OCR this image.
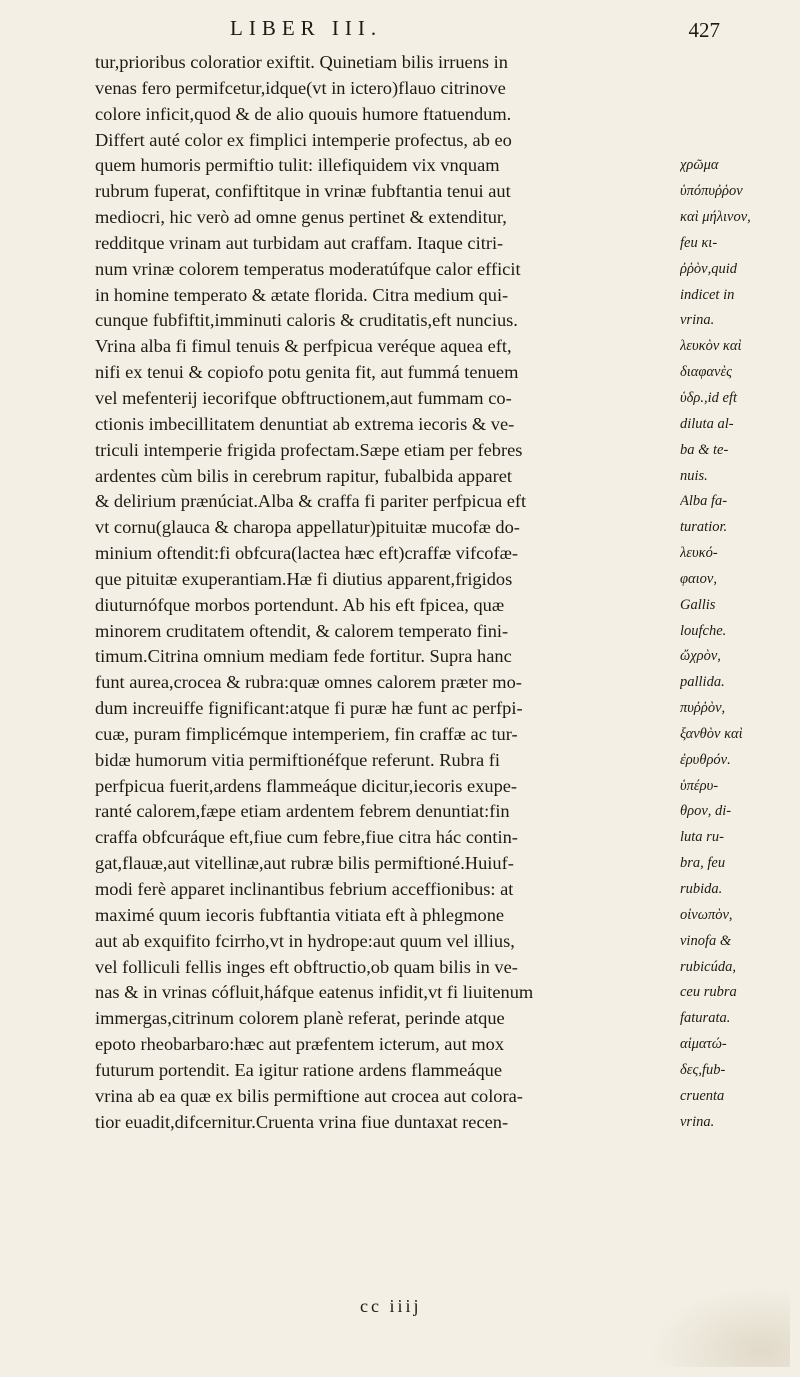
LIBER III.	427
tur,prioribus coloratior exiftit. Quinetiam bilis irruens in
venas fero permifcetur,idque(vt in ictero)flauo citrinove
colore inficit,quod & de alio quouis humore ftatuendum.
Differt auté color ex fimplici intemperie profectus, ab eo
quem humoris permiftio tulit: illefiquidem vix vnquam
rubrum fuperat, confiftitque in vrinæ fubftantia tenui aut
mediocri, hic verò ad omne genus pertinet & extenditur,
redditque vrinam aut turbidam aut craffam. Itaque citri-
num vrinæ colorem temperatus moderatúfque calor efficit
in homine temperato & ætate florida. Citra medium qui-
cunque fubfiftit,imminuti caloris & cruditatis,eft nuncius.
Vrina alba fi fimul tenuis & perfpicua veréque aquea eft,
nifi ex tenui & copiofo potu genita fit, aut fummá tenuem
vel mefenterij iecorifque obftructionem,aut fummam co-
ctionis imbecillitatem denuntiat ab extrema iecoris & ve-
triculi intemperie frigida profectam.Sæpe etiam per febres
ardentes cùm bilis in cerebrum rapitur, fubalbida apparet
& delirium prænúciat.Alba & craffa fi pariter perfpicua eft
vt cornu(glauca & charopa appellatur)pituitæ mucofæ do-
minium oftendit:fi obfcura(lactea hæc eft)craffæ vifcofæ-
que pituitæ exuperantiam.Hæ fi diutius apparent,frigidos
diuturnófque morbos portendunt. Ab his eft fpicea, quæ
minorem cruditatem oftendit, & calorem temperato fini-
timum.Citrina omnium mediam fede fortitur. Supra hanc
funt aurea,crocea & rubra:quæ omnes calorem præter mo-
dum increuiffe fignificant:atque fi puræ hæ funt ac perfpi-
cuæ, puram fimplicémque intemperiem, fin craffæ ac tur-
bidæ humorum vitia permiftionéfque referunt. Rubra fi
perfpicua fuerit,ardens flammeáque dicitur,iecoris exupe-
ranté calorem,fæpe etiam ardentem febrem denuntiat:fin
craffa obfcuráque eft,fiue cum febre,fiue citra hác contin-
gat,flauæ,aut vitellinæ,aut rubræ bilis permiftioné.Huiuf-
modi ferè apparet inclinantibus febrium acceffionibus: at
maximé quum iecoris fubftantia vitiata eft à phlegmone
aut ab exquifito fcirrho,vt in hydrope:aut quum vel illius,
vel folliculi fellis inges eft obftructio,ob quam bilis in ve-
nas & in vrinas cófluit,háfque eatenus infidit,vt fi liuitenum
immergas,citrinum colorem planè referat, perinde atque
epoto rheobarbaro:hæc aut præfentem icterum, aut mox
futurum portendit. Ea igitur ratione ardens flammeáque
vrina ab ea quæ ex bilis permiftione aut crocea aut colora-
tior euadit,difcernitur.Cruenta vrina fiue duntaxat recen-
χρῶμα
ὑπόπυῤῥον
καὶ μήλινον,
feu κι-
ῤῥὸν,quid
indicet in
vrina.
λευκὸν καὶ
διαφανὲς
ὑδρ.,id eft
diluta al-
ba & te-
nuis.
Alba fa-
turatior.
λευκό-
φαιον,
Gallis
loufche.
ὤχρὸν,
pallida.
πυῤῥὸν,
ξανθὸν καὶ
ἐρυθρόν.
ὑπέρυ-
θρον, di-
luta ru-
bra, feu
rubida.
οἰνωπὸν,
vinofa &
rubicúda,
ceu rubra
faturata.
αἱματώ-
δες,fub-
cruenta
vrina.
cc iiij
